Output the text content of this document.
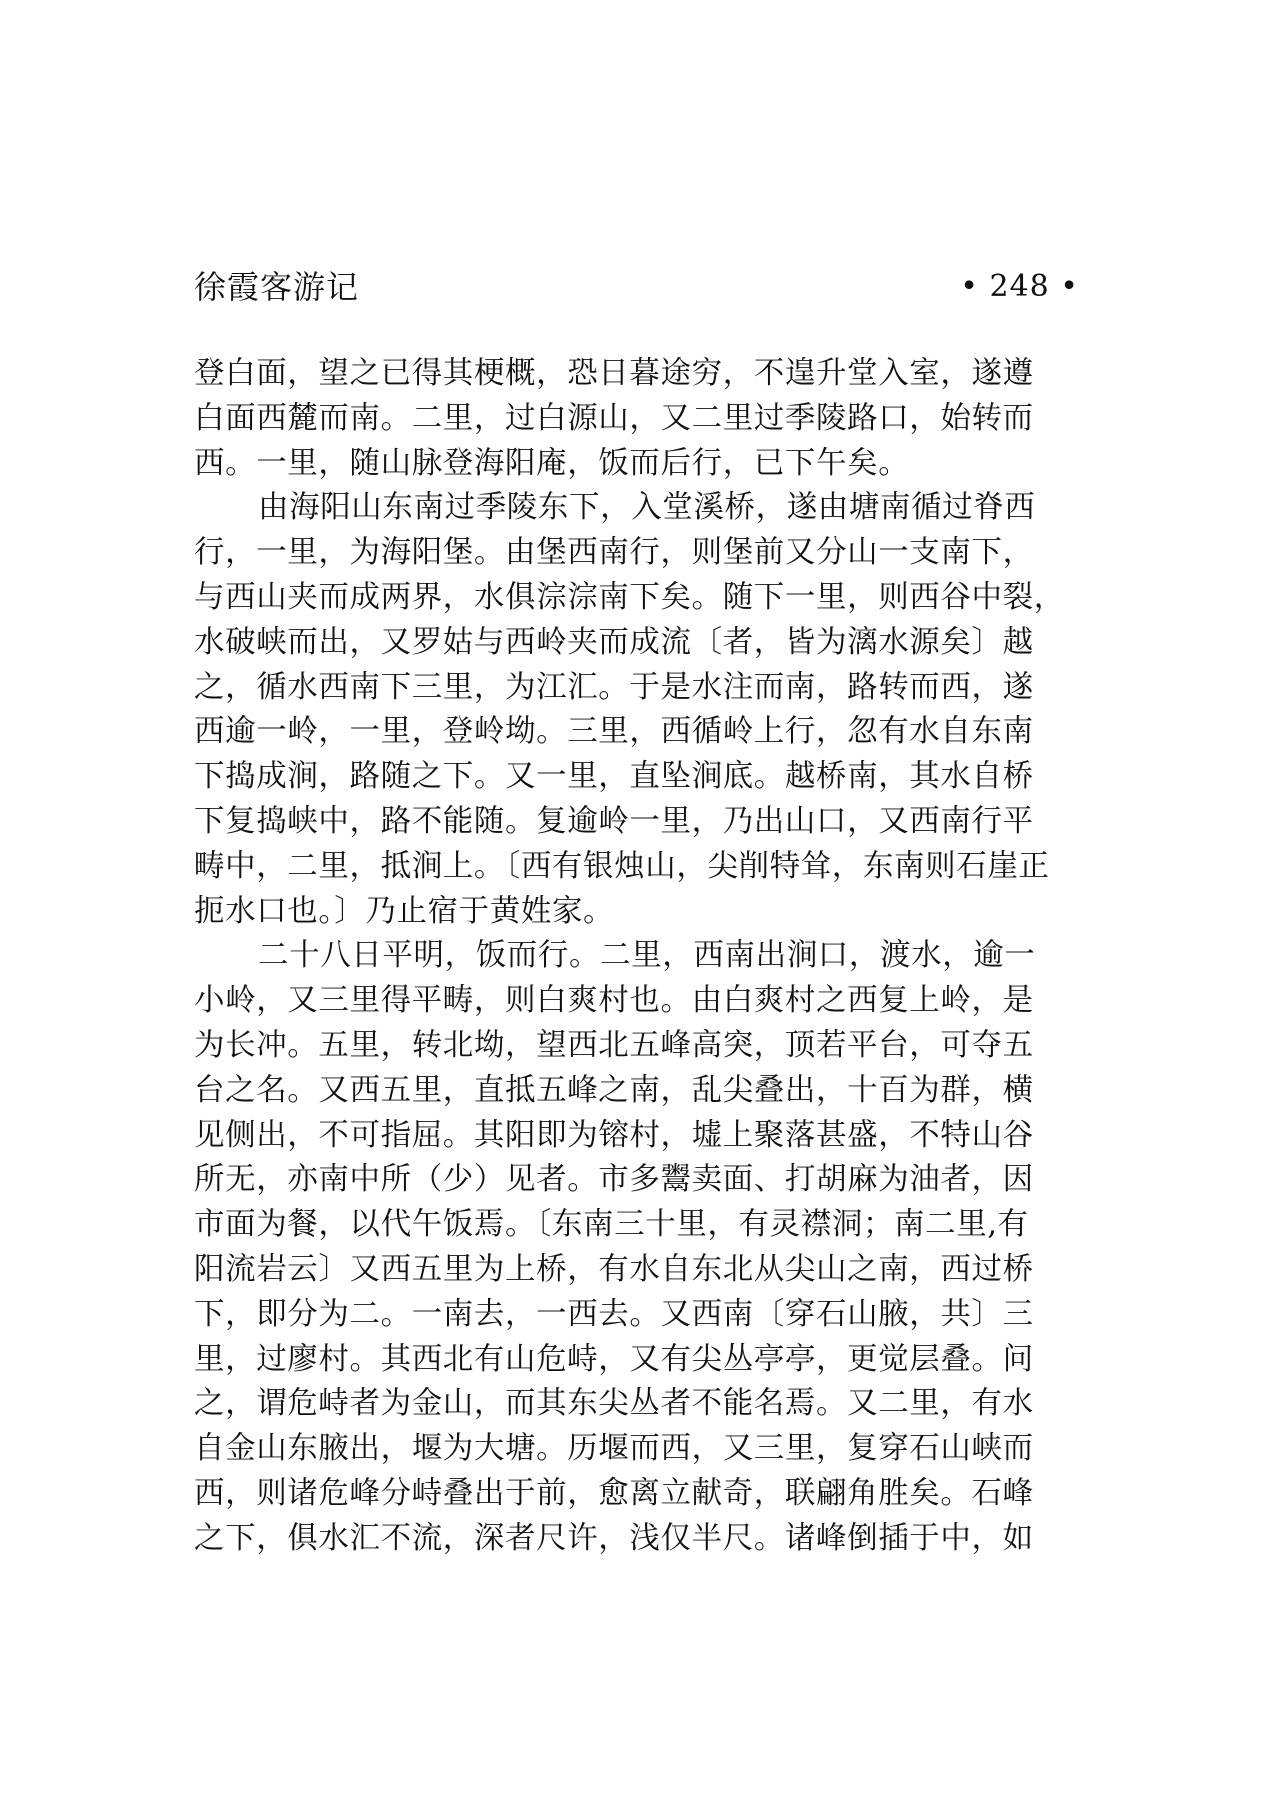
徐霞客游记	• 248 •
登白面，望之已得其梗概，恐日暮途穷，不遑升堂入室，遂遵
白面西麓而南。二里，过白源山，又二里过季陵路口，始转而
西。一里，随山脉登海阳庵，饭而后行，已下午矣。
由海阳山东南过季陵东下，入堂溪桥，遂由塘南循过脊西
行，一里，为海阳堡。由堡西南行，则堡前又分山一支南下，
与西山夹而成两界，水俱淙淙南下矣。随下一里，则西谷中裂，
水破峡而出，又罗姑与西岭夹而成流〔者，皆为漓水源矣〕越
之，循水西南下三里，为江汇。于是水注而南，路转而西，遂
西逾一岭，一里，登岭坳。三里，西循岭上行，忽有水自东南
下捣成涧，路随之下。又一里，直坠涧底。越桥南，其水自桥
下复捣峡中，路不能随。复逾岭一里，乃出山口，又西南行平
畴中，二里，抵涧上。〔西有银烛山，尖削特耸，东南则石崖正
扼水口也。〕乃止宿于黄姓家。
二十八日平明，饭而行。二里，西南出涧口，渡水，逾一
小岭，又三里得平畴，则白爽村也。由白爽村之西复上岭，是
为长冲。五里，转北坳，望西北五峰高突，顶若平台，可夺五
台之名。又西五里，直抵五峰之南，乱尖叠出，十百为群，横
见侧出，不可指屈。其阳即为镕村，墟上聚落甚盛，不特山谷
所无，亦南中所（少）见者。市多鬻卖面、打胡麻为油者，因
市面为餐，以代午饭焉。〔东南三十里，有灵襟洞；南二里,有
阳流岩云〕又西五里为上桥，有水自东北从尖山之南，西过桥
下，即分为二。一南去，一西去。又西南〔穿石山腋，共〕三
里，过廖村。其西北有山危峙，又有尖丛亭亭，更觉层叠。问
之，谓危峙者为金山，而其东尖丛者不能名焉。又二里，有水
自金山东腋出，堰为大塘。历堰而西，又三里，复穿石山峡而
西，则诸危峰分峙叠出于前，愈离立献奇，联翩角胜矣。石峰
之下，俱水汇不流，深者尺许，浅仅半尺。诸峰倒插于中，如
